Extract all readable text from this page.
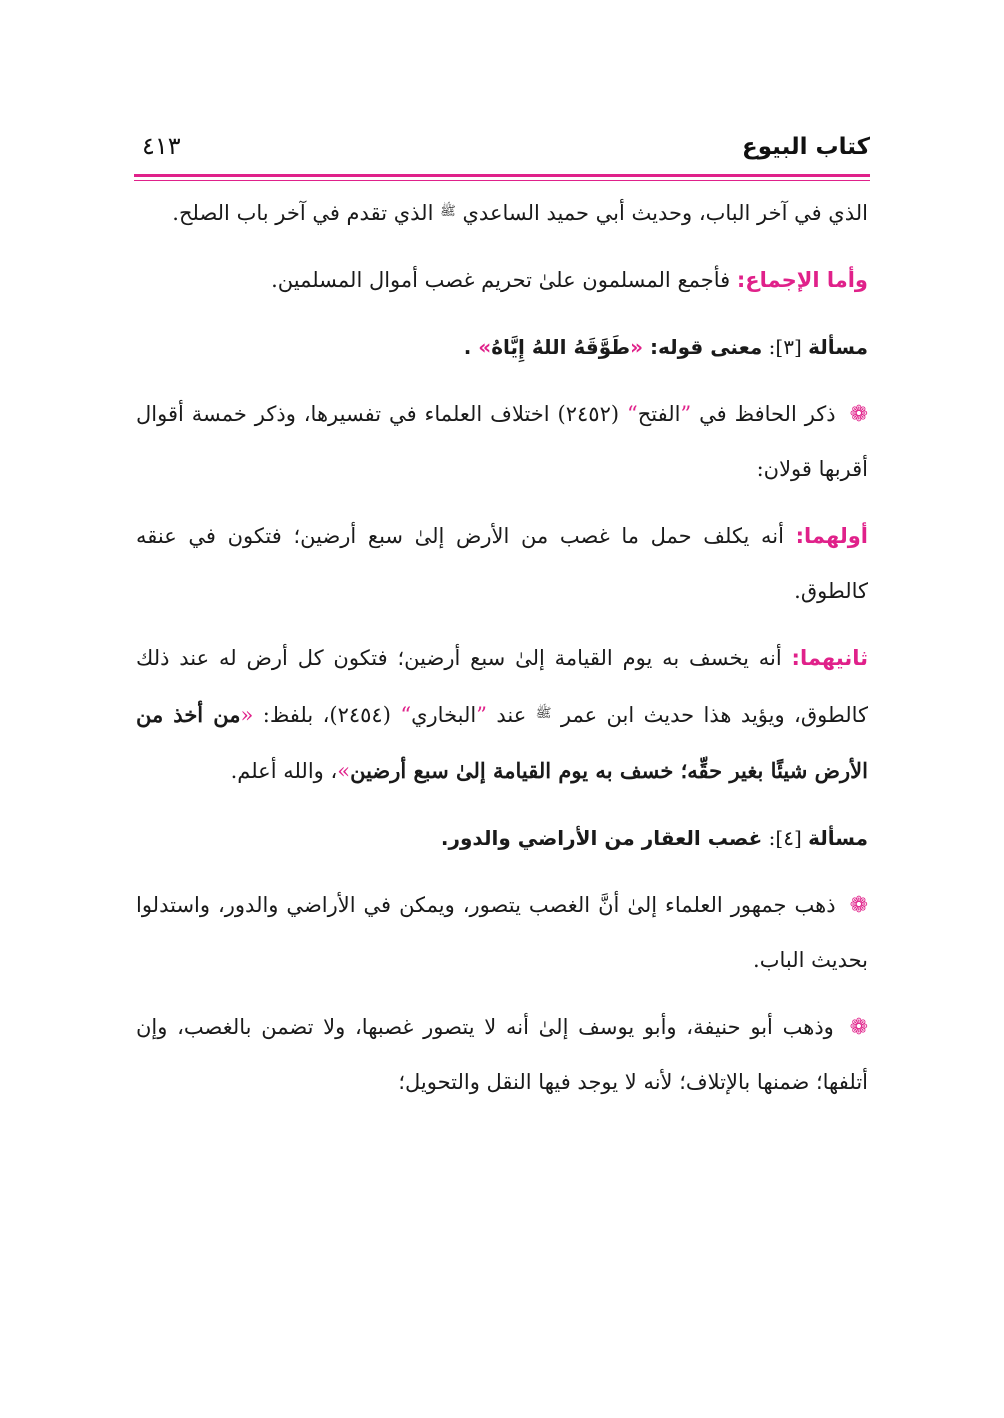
كتاب البيوع
٤١٣

الذي في آخر الباب، وحديث أبي حميد الساعدي $^ﷺ$ الذي تقدم في آخر باب الصلح.

وأما الإجماع: فأجمع المسلمون علىٰ تحريم غصب أموال المسلمين.

مسألة [٣]: معنى قوله: «طَوَّقَهُ اللهُ إِيَّاهُ» .

❁ ذكر الحافظ في ”الفتح“ (٢٤٥٢) اختلاف العلماء في تفسيرها، وذكر خمسة أقوال أقربها قولان:

أولهما: أنه يكلف حمل ما غصب من الأرض إلىٰ سبع أرضين؛ فتكون في عنقه كالطوق.

ثانيهما: أنه يخسف به يوم القيامة إلىٰ سبع أرضين؛ فتكون كل أرض له عند ذلك كالطوق، ويؤيد هذا حديث ابن عمر $^ﷺ$ عند ”البخاري“ (٢٤٥٤)، بلفظ: «من أخذ من الأرض شيئًا بغير حقِّه؛ خسف به يوم القيامة إلىٰ سبع أرضين»، والله أعلم.

مسألة [٤]: غصب العقار من الأراضي والدور.

❁ ذهب جمهور العلماء إلىٰ أنَّ الغصب يتصور، ويمكن في الأراضي والدور، واستدلوا بحديث الباب.

❁ وذهب أبو حنيفة، وأبو يوسف إلىٰ أنه لا يتصور غصبها، ولا تضمن بالغصب، وإن أتلفها؛ ضمنها بالإتلاف؛ لأنه لا يوجد فيها النقل والتحويل؛
